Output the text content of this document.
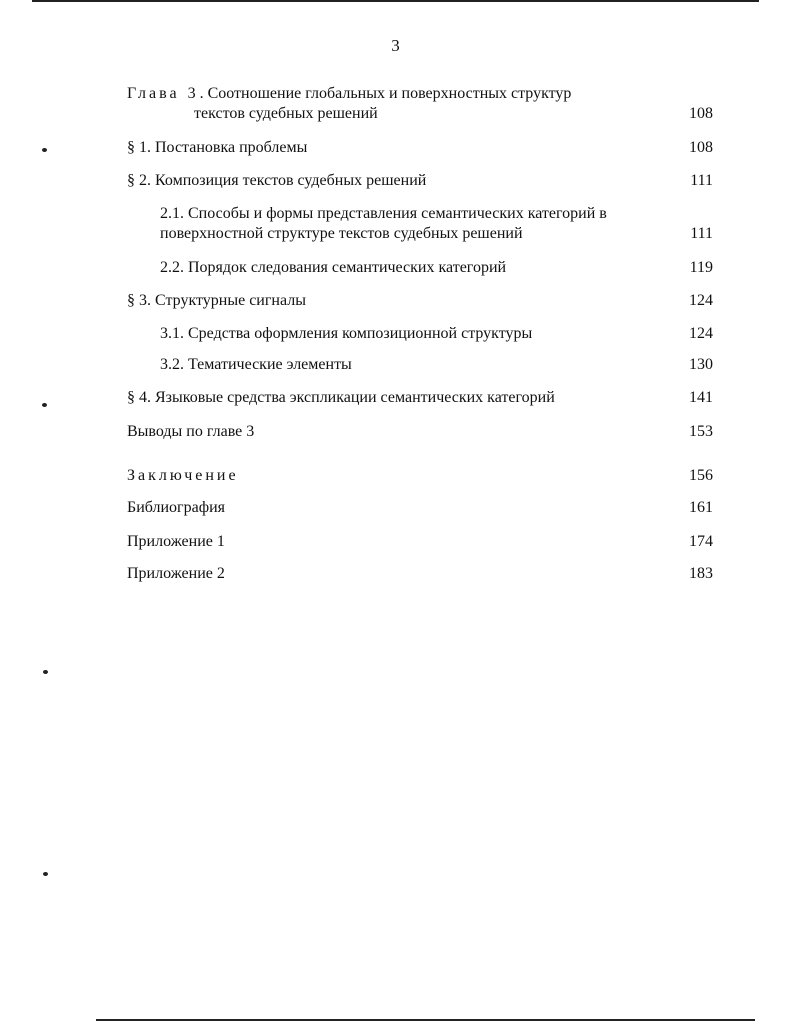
3
Глава 3 . Соотношение глобальных и поверхностных структур
текстов судебных решений	108
§ 1. Постановка проблемы	108
§ 2. Композиция текстов судебных решений	111
2.1. Способы и формы представления семантических категорий в поверхностной структуре текстов судебных решений	111
2.2. Порядок следования семантических категорий	119
§ 3. Структурные сигналы	124
3.1. Средства оформления композиционной структуры	124
3.2. Тематические элементы	130
§ 4. Языковые средства экспликации семантических категорий	141
Выводы по главе 3	153
Заключение	156
Библиография	161
Приложение 1	174
Приложение 2	183
